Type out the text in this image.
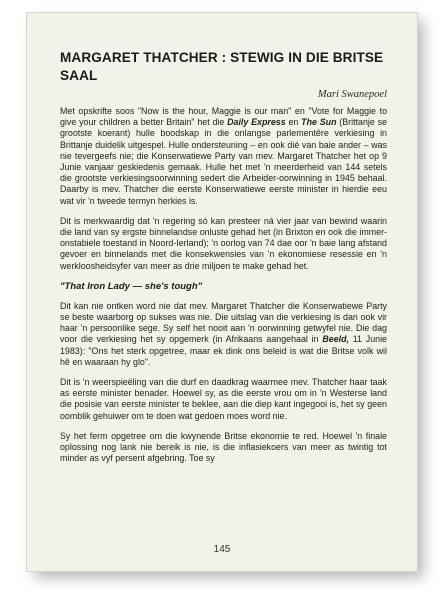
MARGARET THATCHER : STEWIG IN DIE BRITSE SAAL
Mari Swanepoel

Met opskrifte soos "Now is the hour, Maggie is our man" en "Vote for Maggie to give your children a better Britain" het die Daily Express en The Sun (Brittanje se grootste koerant) hulle boodskap in die onlangse parlementêre verkiesing in Brittanje duidelik uitgespel. Hulle ondersteuning – en ook dié van baie ander – was nie tevergeefs nie; die Konserwatiewe Party van mev. Margaret Thatcher het op 9 Junie vanjaar geskiedenis gemaak. Hulle het met 'n meerderheid van 144 setels die grootste verkiesingsoorwinning sedert die Arbeider-oorwinning in 1945 behaal. Daarby is mev. Thatcher die eerste Konserwatiewe eerste minister in hierdie eeu wat vir 'n tweede termyn herkies is.

Dit is merkwaardig dat 'n regering só kan presteer ná vier jaar van bewind waarin die land van sy ergste binnelandse onluste gehad het (in Brixton en ook die immer-onstabiele toestand in Noord-Ierland); 'n oorlog van 74 dae oor 'n baie lang afstand gevoer en binnelands met die konsekwensies van 'n ekonomiese resessie en 'n werkloosheidsyfer van meer as drie miljoen te make gehad het.

"That Iron Lady — she's tough"

Dit kan nie ontken word nie dat mev. Margaret Thatcher die Konserwatiewe Party se beste waarborg op sukses was nie. Die uitslag van die verkiesing is dan ook vir haar 'n persoonlike sege. Sy self het nooit aan 'n oorwinning getwyfel nie. Die dag voor die verkiesing het sy opgemerk (in Afrikaans aangehaal in Beeld, 11 Junie 1983): "Ons het sterk opgetree, maar ek dink ons beleid is wat die Britse volk wil hê en waaraan hy glo".

Dit is 'n weerspieëling van die durf en daadkrag waarmee mev. Thatcher haar taak as eerste minister benader. Hoewel sy, as die eerste vrou om in 'n Westerse land die posisie van eerste minister te beklee, aan die diep kant ingegooi is, het sy geen oomblik gehuiwer om te doen wat gedoen moes word nie.

Sy het ferm opgetree om die kwynende Britse ekonomie te red. Hoewel 'n finale oplossing nog lank nie bereik is nie, is die inflasiekoers van meer as twintig tot minder as vyf persent afgebring. Toe sy

145
